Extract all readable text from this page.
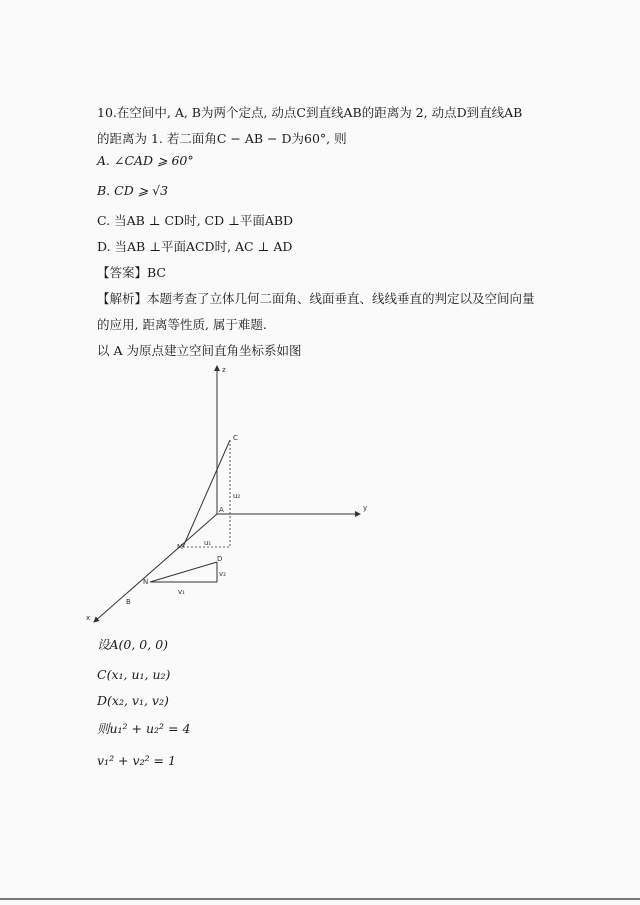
10.在空间中, A, B为两个定点, 动点C到直线AB的距离为 2, 动点D到直线AB
的距离为 1. 若二面角C − AB − D为60°, 则
A. ∠CAD ⩾ 60°
B. CD ⩾ √3
C. 当AB ⊥ CD时, CD ⊥平面ABD
D. 当AB ⊥平面ACD时, AC ⊥ AD
【答案】BC
【解析】本题考查了立体几何二面角、线面垂直、线线垂直的判定以及空间向量
的应用, 距离等性质, 属于难题.
以 A 为原点建立空间直角坐标系如图
z
y
x
A
B
C
D
M
N
u₁
u₂
v₁
v₂
设A(0, 0, 0)
C(x₁, u₁, u₂)
D(x₂, v₁, v₂)
则u₁² + u₂² = 4
v₁² + v₂² = 1
